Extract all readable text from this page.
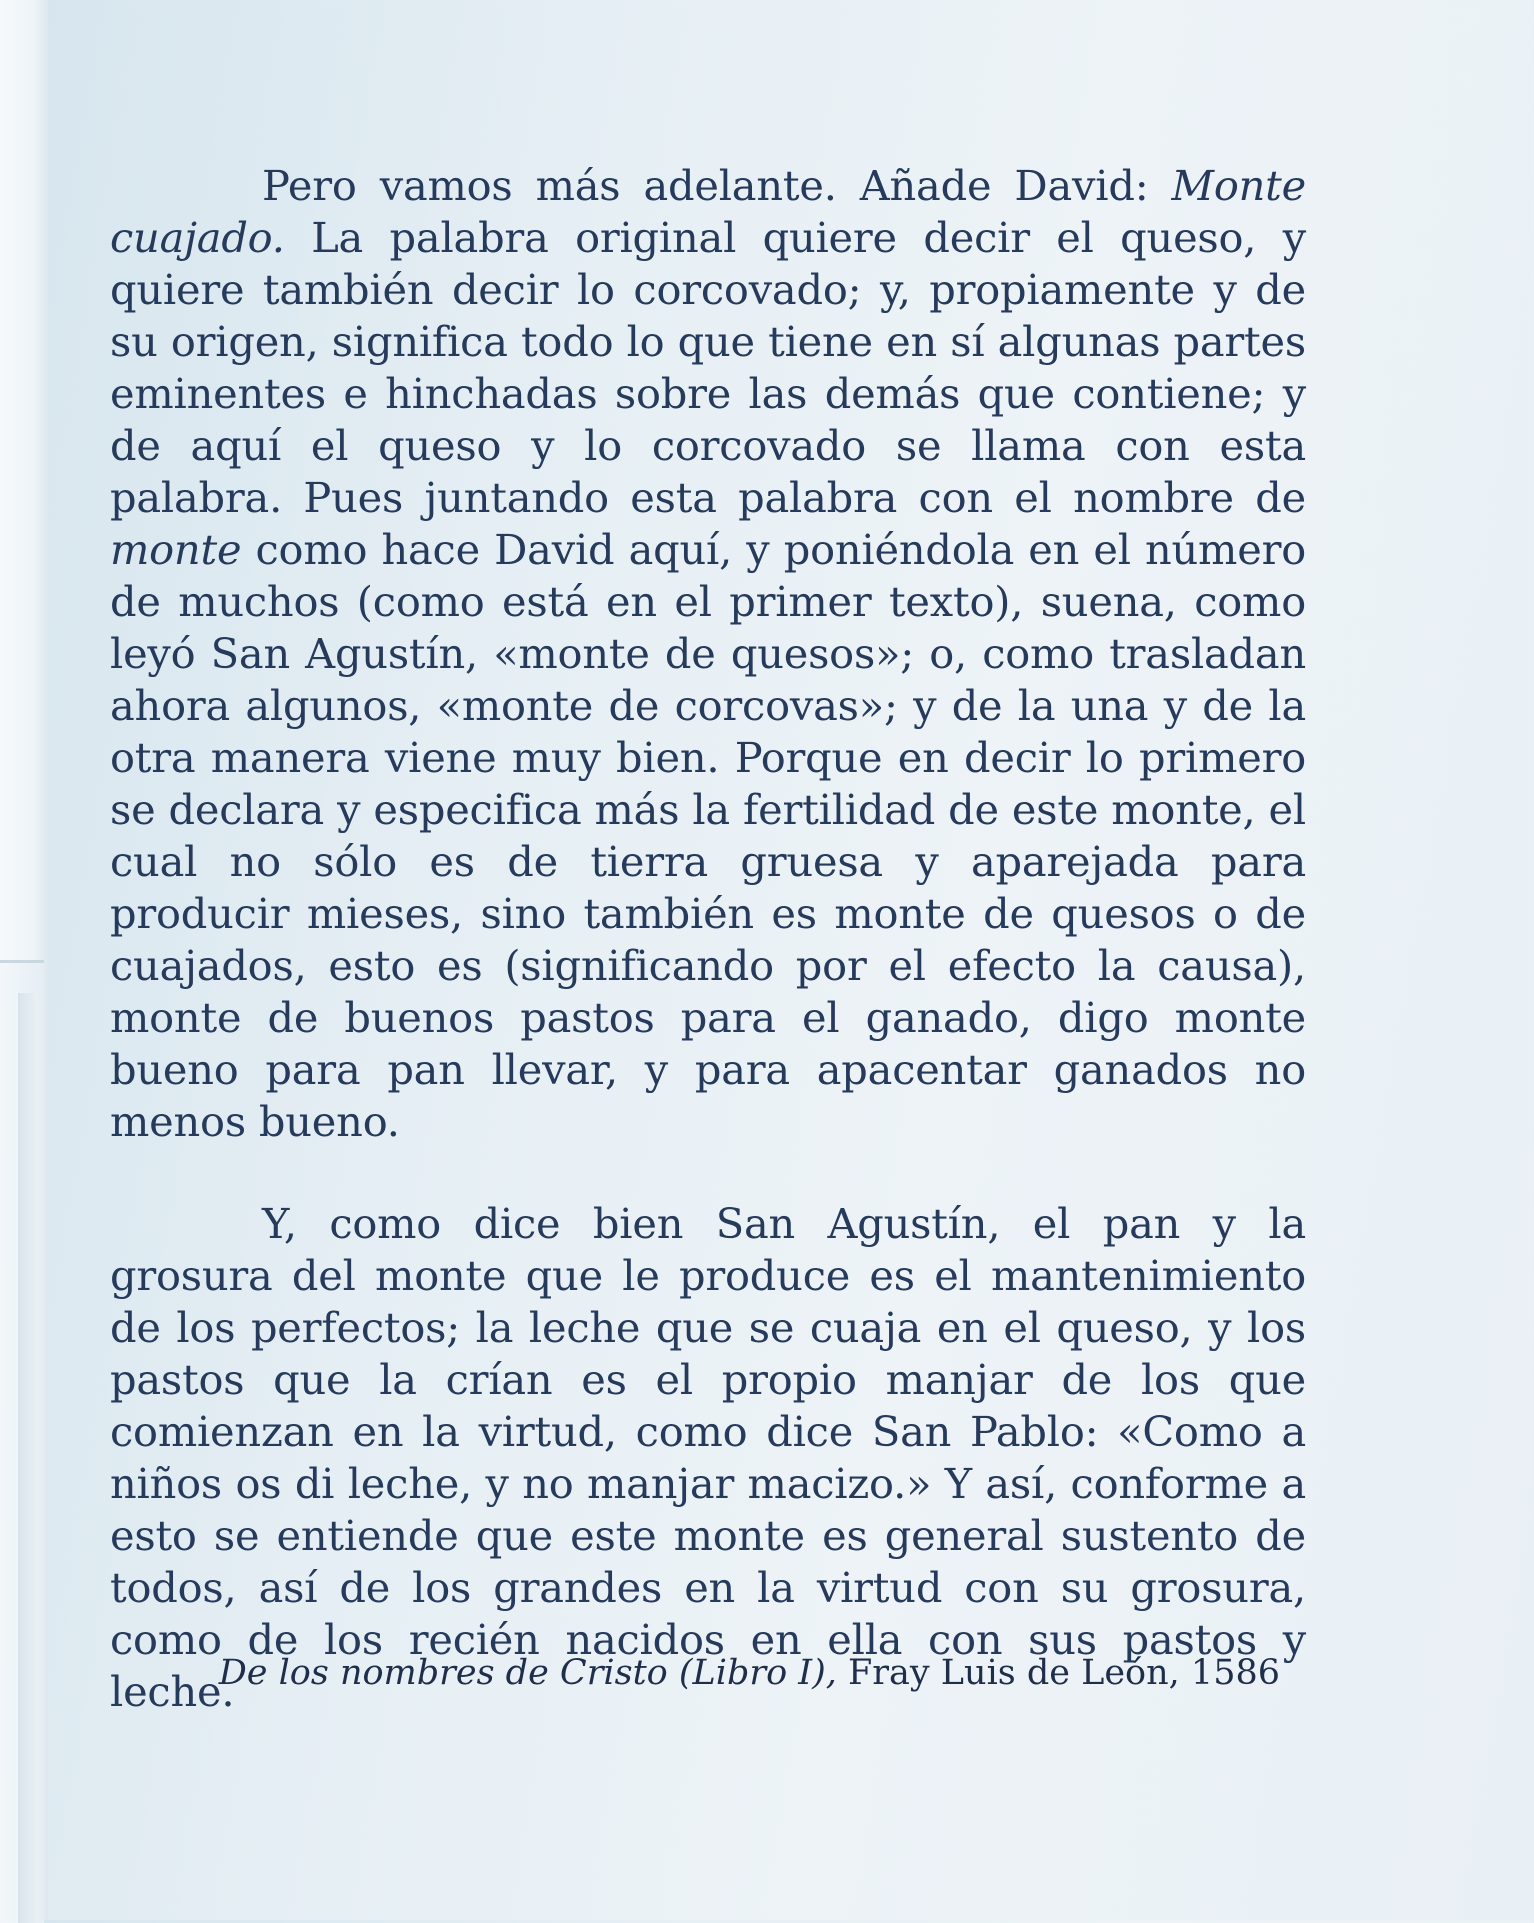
Pero vamos más adelante. Añade David: Monte cuajado. La palabra original quiere decir el queso, y quiere también decir lo corcovado; y, propiamente y de su origen, significa todo lo que tiene en sí algunas partes eminentes e hinchadas sobre las demás que contiene; y de aquí el queso y lo corcovado se llama con esta palabra. Pues juntando esta palabra con el nombre de monte como hace David aquí, y poniéndola en el número de muchos (como está en el primer texto), suena, como leyó San Agustín, «monte de quesos»; o, como trasladan ahora algunos, «monte de corcovas»; y de la una y de la otra manera viene muy bien. Porque en decir lo primero se declara y especifica más la fertilidad de este monte, el cual no sólo es de tierra gruesa y aparejada para producir mieses, sino también es monte de quesos o de cuajados, esto es (significando por el efecto la causa), monte de buenos pastos para el ganado, digo monte bueno para pan llevar, y para apacentar ganados no menos bueno.

Y, como dice bien San Agustín, el pan y la grosura del monte que le produce es el mantenimiento de los perfectos; la leche que se cuaja en el queso, y los pastos que la crían es el propio manjar de los que comienzan en la virtud, como dice San Pablo: «Como a niños os di leche, y no manjar macizo.» Y así, conforme a esto se entiende que este monte es general sustento de todos, así de los grandes en la virtud con su grosura, como de los recién nacidos en ella con sus pastos y leche.

De los nombres de Cristo (Libro I), Fray Luis de León, 1586
